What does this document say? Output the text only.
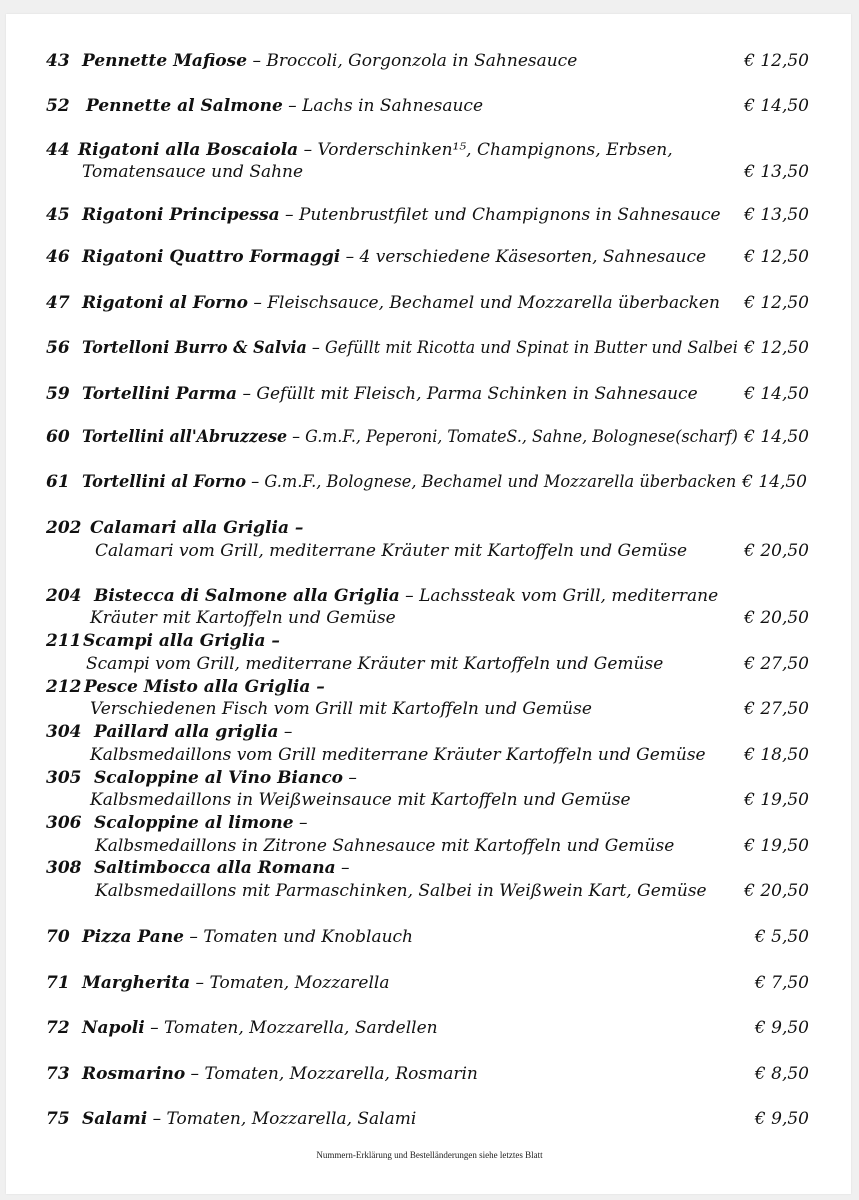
43 Pennette Mafiose – Broccoli, Gorgonzola in Sahnesauce	€ 12,50
52 Pennette al Salmone – Lachs in Sahnesauce	€ 14,50
44 Rigatoni alla Boscaiola – Vorderschinken¹⁵, Champignons, Erbsen,
Tomatensauce und Sahne	€ 13,50
45 Rigatoni Principessa – Putenbrustfilet und Champignons in Sahnesauce € 13,50
46 Rigatoni Quattro Formaggi – 4 verschiedene Käsesorten, Sahnesauce € 12,50
47 Rigatoni al Forno – Fleischsauce, Bechamel und Mozzarella überbacken € 12,50
56 Tortelloni Burro & Salvia – Gefüllt mit Ricotta und Spinat in Butter und Salbei € 12,50
59 Tortellini Parma – Gefüllt mit Fleisch, Parma Schinken in Sahnesauce	€ 14,50
60 Tortellini all'Abruzzese – G.m.F., Peperoni, TomateS., Sahne, Bolognese(scharf) € 14,50
61 Tortellini al Forno – G.m.F., Bolognese, Bechamel und Mozzarella überbacken € 14,50
202 Calamari alla Griglia –
Calamari vom Grill, mediterrane Kräuter mit Kartoffeln und Gemüse	€ 20,50
204 Bistecca di Salmone alla Griglia – Lachssteak vom Grill, mediterrane
Kräuter mit Kartoffeln und Gemüse	€ 20,50
211 Scampi alla Griglia –
Scampi vom Grill, mediterrane Kräuter mit Kartoffeln und Gemüse	€ 27,50
212 Pesce Misto alla Griglia –
Verschiedenen Fisch vom Grill mit Kartoffeln und Gemüse	€ 27,50
304 Paillard alla griglia –
Kalbsmedaillons vom Grill mediterrane Kräuter Kartoffeln und Gemüse € 18,50
305 Scaloppine al Vino Bianco –
Kalbsmedaillons in Weißweinsauce mit Kartoffeln und Gemüse	€ 19,50
306 Scaloppine al limone –
Kalbsmedaillons in Zitrone Sahnesauce mit Kartoffeln und Gemüse	€ 19,50
308 Saltimbocca alla Romana –
Kalbsmedaillons mit Parmaschinken, Salbei in Weißwein Kart, Gemüse € 20,50
70 Pizza Pane – Tomaten und Knoblauch	€ 5,50
71 Margherita – Tomaten, Mozzarella	€ 7,50
72 Napoli – Tomaten, Mozzarella, Sardellen	€ 9,50
73 Rosmarino – Tomaten, Mozzarella, Rosmarin	€ 8,50
75 Salami – Tomaten, Mozzarella, Salami	€ 9,50
Nummern-Erklärung und Bestelländerungen siehe letztes Blatt
